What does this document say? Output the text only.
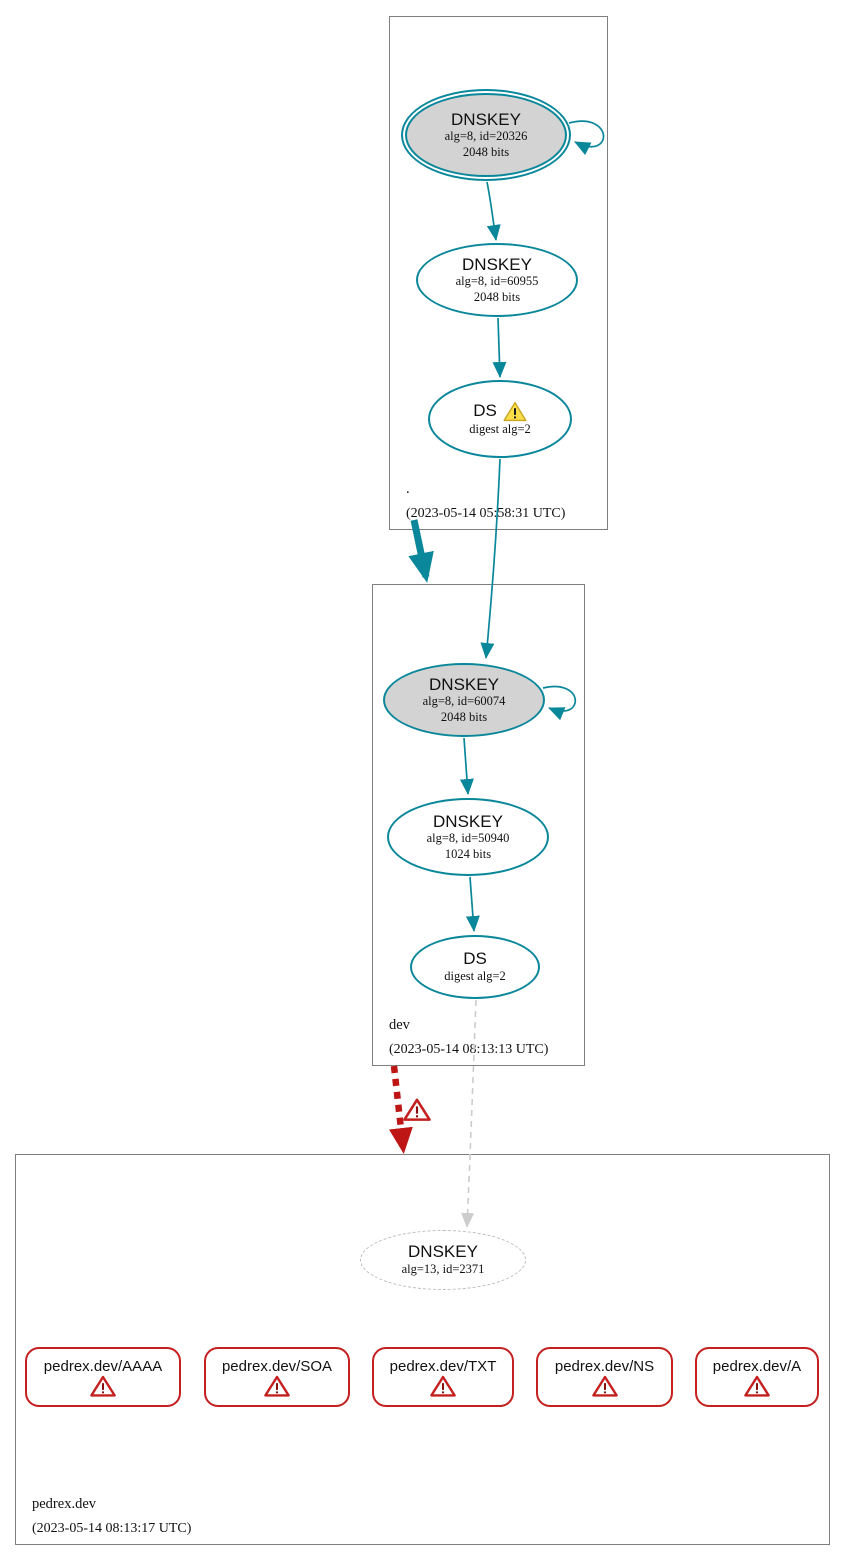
.
(2023-05-14 05:58:31 UTC)
dev
(2023-05-14 08:13:13 UTC)
pedrex.dev
(2023-05-14 08:13:17 UTC)
DNSKEY
alg=8, id=20326
2048 bits
DNSKEY
alg=8, id=60955
2048 bits
DS
digest alg=2
DNSKEY
alg=8, id=60074
2048 bits
DNSKEY
alg=8, id=50940
1024 bits
DS
digest alg=2
DNSKEY
alg=13, id=2371
pedrex.dev/AAAA	pedrex.dev/SOA	pedrex.dev/TXT	pedrex.dev/NS	pedrex.dev/A
